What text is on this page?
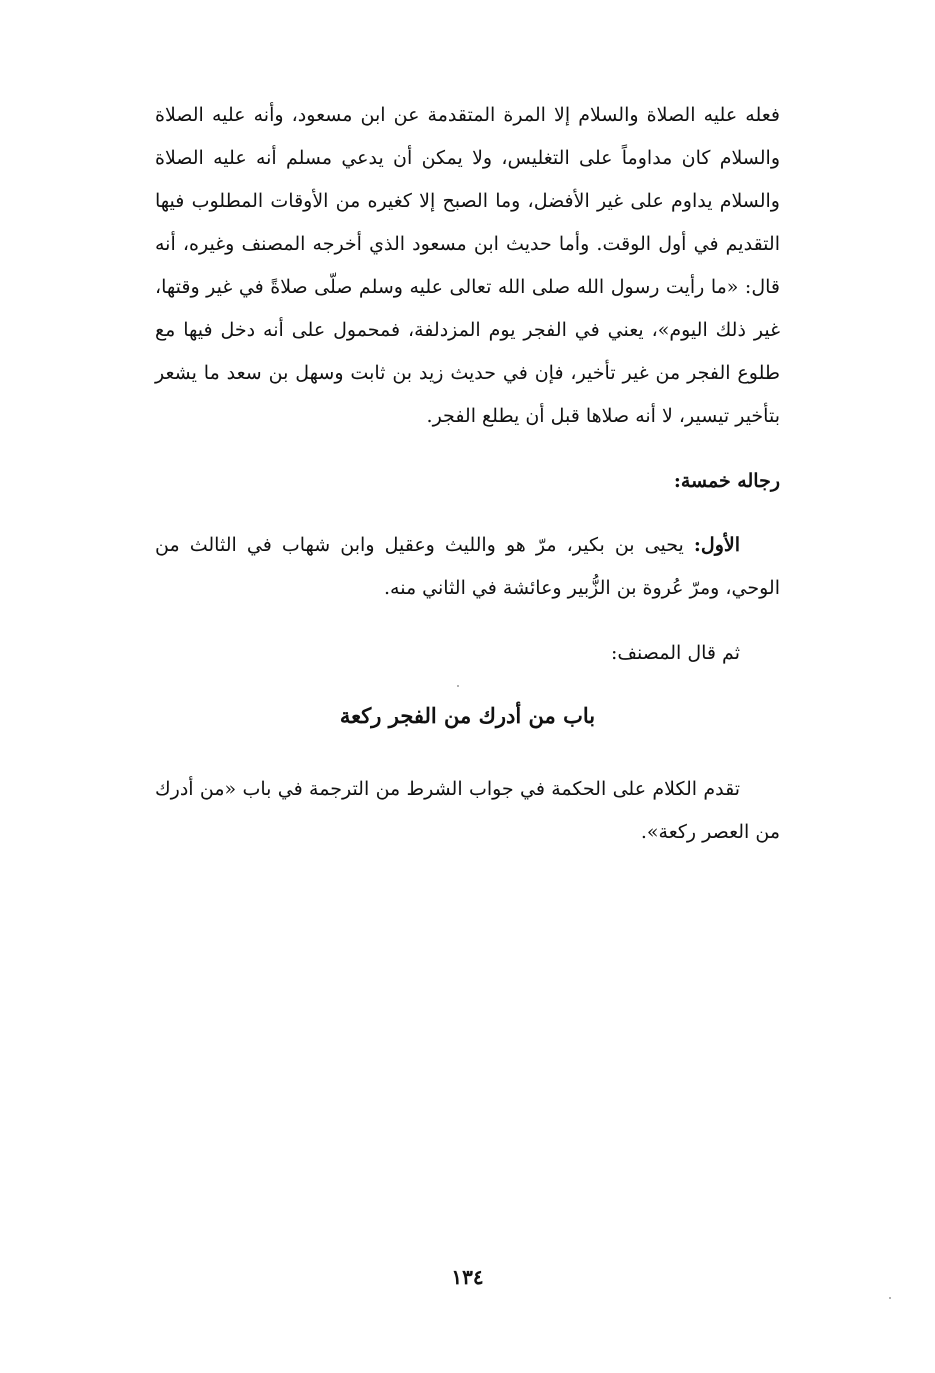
فعله عليه الصلاة والسلام إلا المرة المتقدمة عن ابن مسعود، وأنه عليه الصلاة والسلام كان مداوماً على التغليس، ولا يمكن أن يدعي مسلم أنه عليه الصلاة والسلام يداوم على غير الأفضل، وما الصبح إلا كغيره من الأوقات المطلوب فيها التقديم في أول الوقت. وأما حديث ابن مسعود الذي أخرجه المصنف وغيره، أنه قال: «ما رأيت رسول الله صلى الله تعالى عليه وسلم صلّى صلاةً في غير وقتها، غير ذلك اليوم»، يعني في الفجر يوم المزدلفة، فمحمول على أنه دخل فيها مع طلوع الفجر من غير تأخير، فإن في حديث زيد بن ثابت وسهل بن سعد ما يشعر بتأخير تيسير، لا أنه صلاها قبل أن يطلع الفجر.
رجاله خمسة:
الأول: يحيى بن بكير، مرّ هو والليث وعقيل وابن شهاب في الثالث من الوحي، ومرّ عُروة بن الزُّبير وعائشة في الثاني منه.
ثم قال المصنف:
باب من أدرك من الفجر ركعة
تقدم الكلام على الحكمة في جواب الشرط من الترجمة في باب «من أدرك من العصر ركعة».
١٣٤
